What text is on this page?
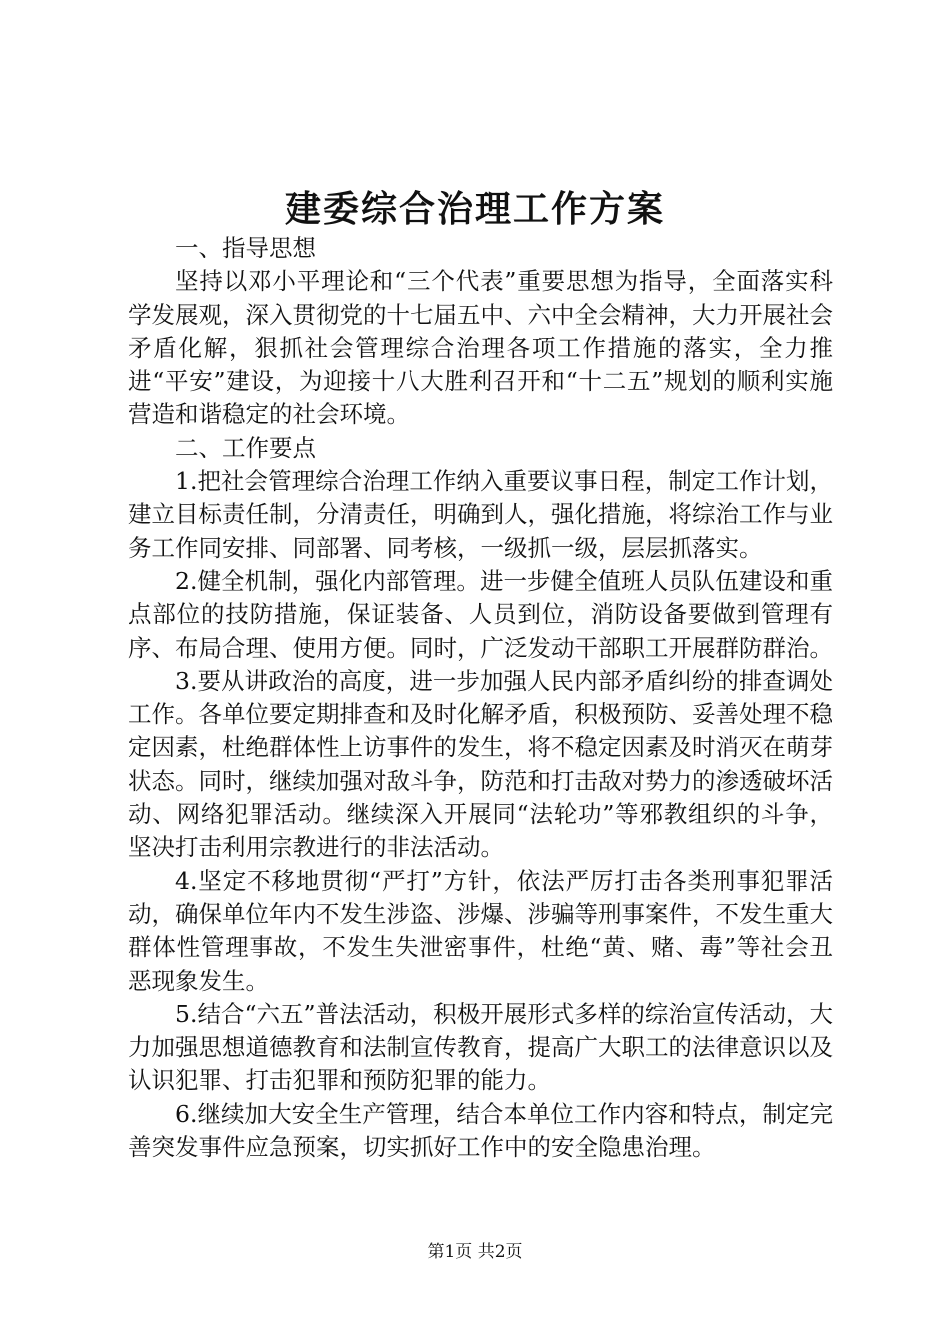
建委综合治理工作方案

一、指导思想

坚持以邓小平理论和“三个代表”重要思想为指导，全面落实科学发展观，深入贯彻党的十七届五中、六中全会精神，大力开展社会矛盾化解，狠抓社会管理综合治理各项工作措施的落实，全力推进“平安”建设，为迎接十八大胜利召开和“十二五”规划的顺利实施营造和谐稳定的社会环境。

二、工作要点

1.把社会管理综合治理工作纳入重要议事日程，制定工作计划，建立目标责任制，分清责任，明确到人，强化措施，将综治工作与业务工作同安排、同部署、同考核，一级抓一级，层层抓落实。

2.健全机制，强化内部管理。进一步健全值班人员队伍建设和重点部位的技防措施，保证装备、人员到位，消防设备要做到管理有序、布局合理、使用方便。同时，广泛发动干部职工开展群防群治。

3.要从讲政治的高度，进一步加强人民内部矛盾纠纷的排查调处工作。各单位要定期排查和及时化解矛盾，积极预防、妥善处理不稳定因素，杜绝群体性上访事件的发生，将不稳定因素及时消灭在萌芽状态。同时，继续加强对敌斗争，防范和打击敌对势力的渗透破坏活动、网络犯罪活动。继续深入开展同“法轮功”等邪教组织的斗争，坚决打击利用宗教进行的非法活动。

4.坚定不移地贯彻“严打”方针，依法严厉打击各类刑事犯罪活动，确保单位年内不发生涉盗、涉爆、涉骗等刑事案件，不发生重大群体性管理事故，不发生失泄密事件，杜绝“黄、赌、毒”等社会丑恶现象发生。

5.结合“六五”普法活动，积极开展形式多样的综治宣传活动，大力加强思想道德教育和法制宣传教育，提高广大职工的法律意识以及认识犯罪、打击犯罪和预防犯罪的能力。

6.继续加大安全生产管理，结合本单位工作内容和特点，制定完善突发事件应急预案，切实抓好工作中的安全隐患治理。

第1页 共2页
